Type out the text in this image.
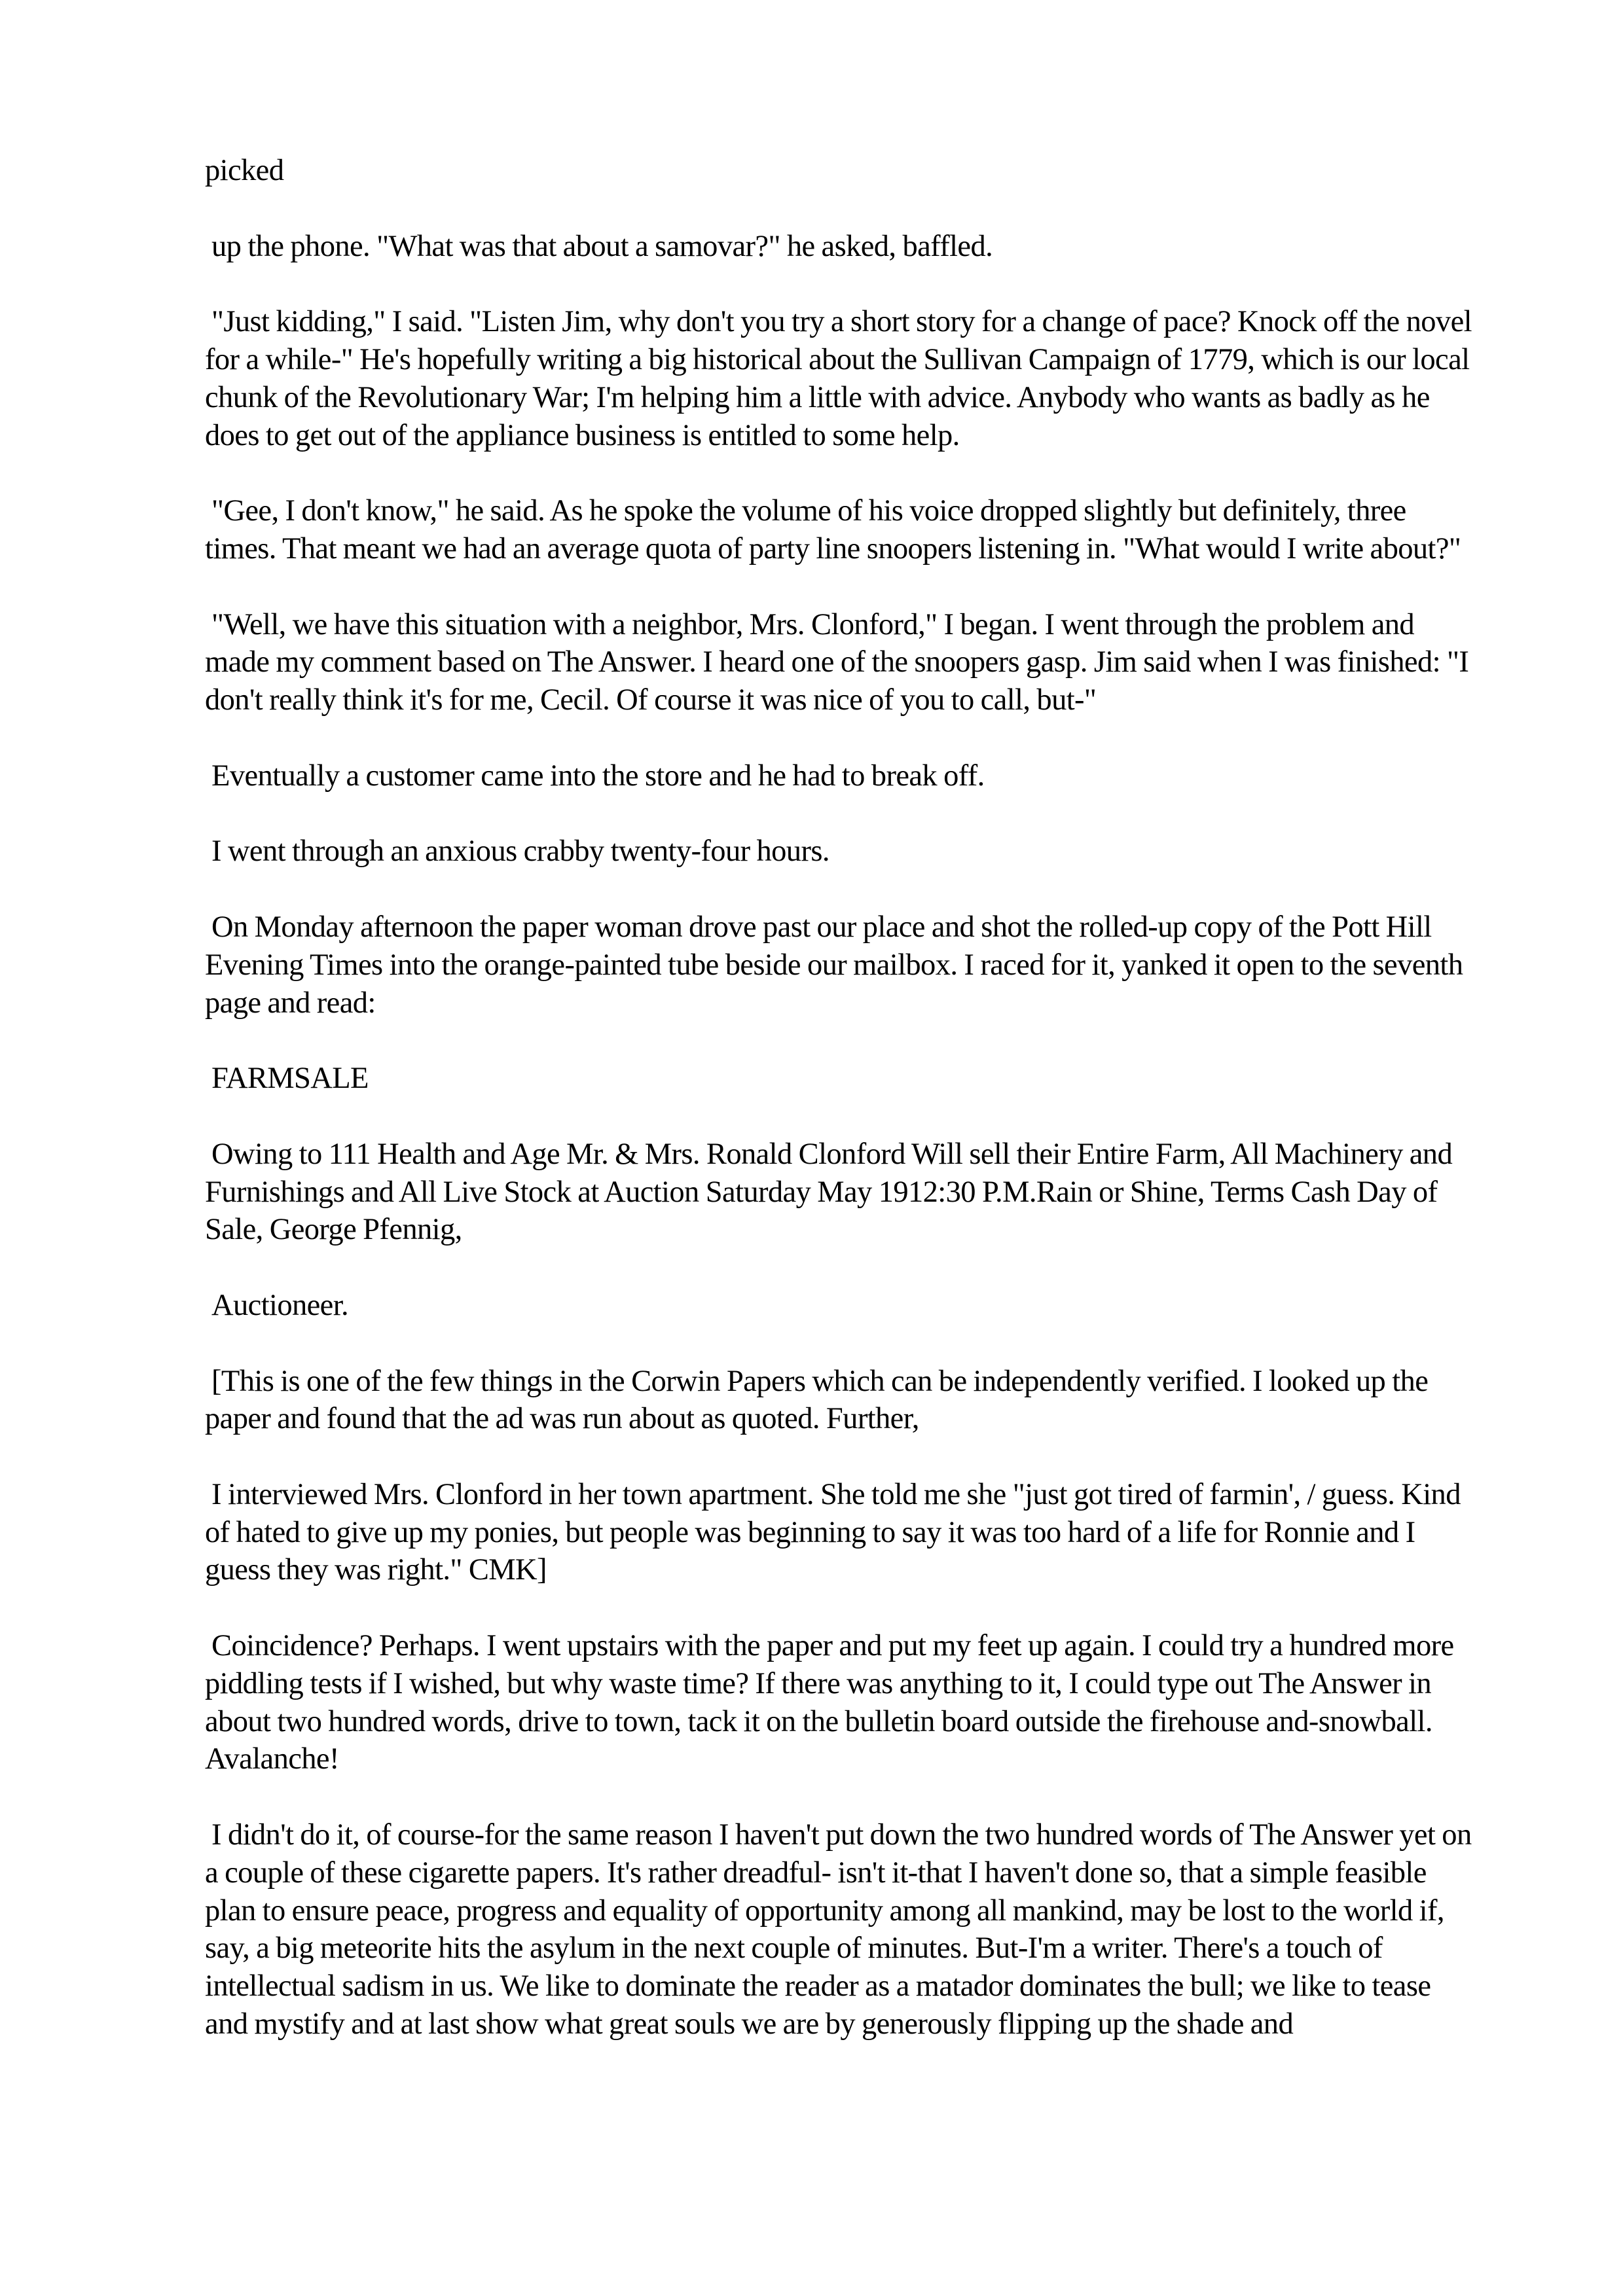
picked

up the phone. "What was that about a samovar?" he asked, baffled.

"Just kidding," I said. "Listen Jim, why don't you try a short story for a change of pace? Knock off the novel for a while-" He's hopefully writing a big historical about the Sullivan Campaign of 1779, which is our local chunk of the Revolutionary War; I'm helping him a little with advice. Anybody who wants as badly as he does to get out of the appliance business is entitled to some help.

"Gee, I don't know," he said. As he spoke the volume of his voice dropped slightly but definitely, three times. That meant we had an average quota of party line snoopers listening in. "What would I write about?"

"Well, we have this situation with a neighbor, Mrs. Clonford," I began. I went through the problem and made my comment based on The Answer. I heard one of the snoopers gasp. Jim said when I was finished: "I don't really think it's for me, Cecil. Of course it was nice of you to call, but-"

Eventually a customer came into the store and he had to break off.

I went through an anxious crabby twenty-four hours.

On Monday afternoon the paper woman drove past our place and shot the rolled-up copy of the Pott Hill Evening Times into the orange-painted tube beside our mailbox. I raced for it, yanked it open to the seventh page and read:

FARMSALE

Owing to 111 Health and Age Mr. & Mrs. Ronald Clonford Will sell their Entire Farm, All Machinery and Furnishings and All Live Stock at Auction Saturday May 1912:30 P.M.Rain or Shine, Terms Cash Day of Sale, George Pfennig,

Auctioneer.

[This is one of the few things in the Corwin Papers which can be independently verified. I looked up the paper and found that the ad was run about as quoted. Further,

I interviewed Mrs. Clonford in her town apartment. She told me she "just got tired of farmin', / guess. Kind of hated to give up my ponies, but people was beginning to say it was too hard of a life for Ronnie and I guess they was right." CMK]

Coincidence? Perhaps. I went upstairs with the paper and put my feet up again. I could try a hundred more piddling tests if I wished, but why waste time? If there was anything to it, I could type out The Answer in about two hundred words, drive to town, tack it on the bulletin board outside the firehouse and-snowball. Avalanche!

I didn't do it, of course-for the same reason I haven't put down the two hundred words of The Answer yet on a couple of these cigarette papers. It's rather dreadful- isn't it-that I haven't done so, that a simple feasible plan to ensure peace, progress and equality of opportunity among all mankind, may be lost to the world if, say, a big meteorite hits the asylum in the next couple of minutes. But-I'm a writer. There's a touch of intellectual sadism in us. We like to dominate the reader as a matador dominates the bull; we like to tease and mystify and at last show what great souls we are by generously flipping up the shade and
